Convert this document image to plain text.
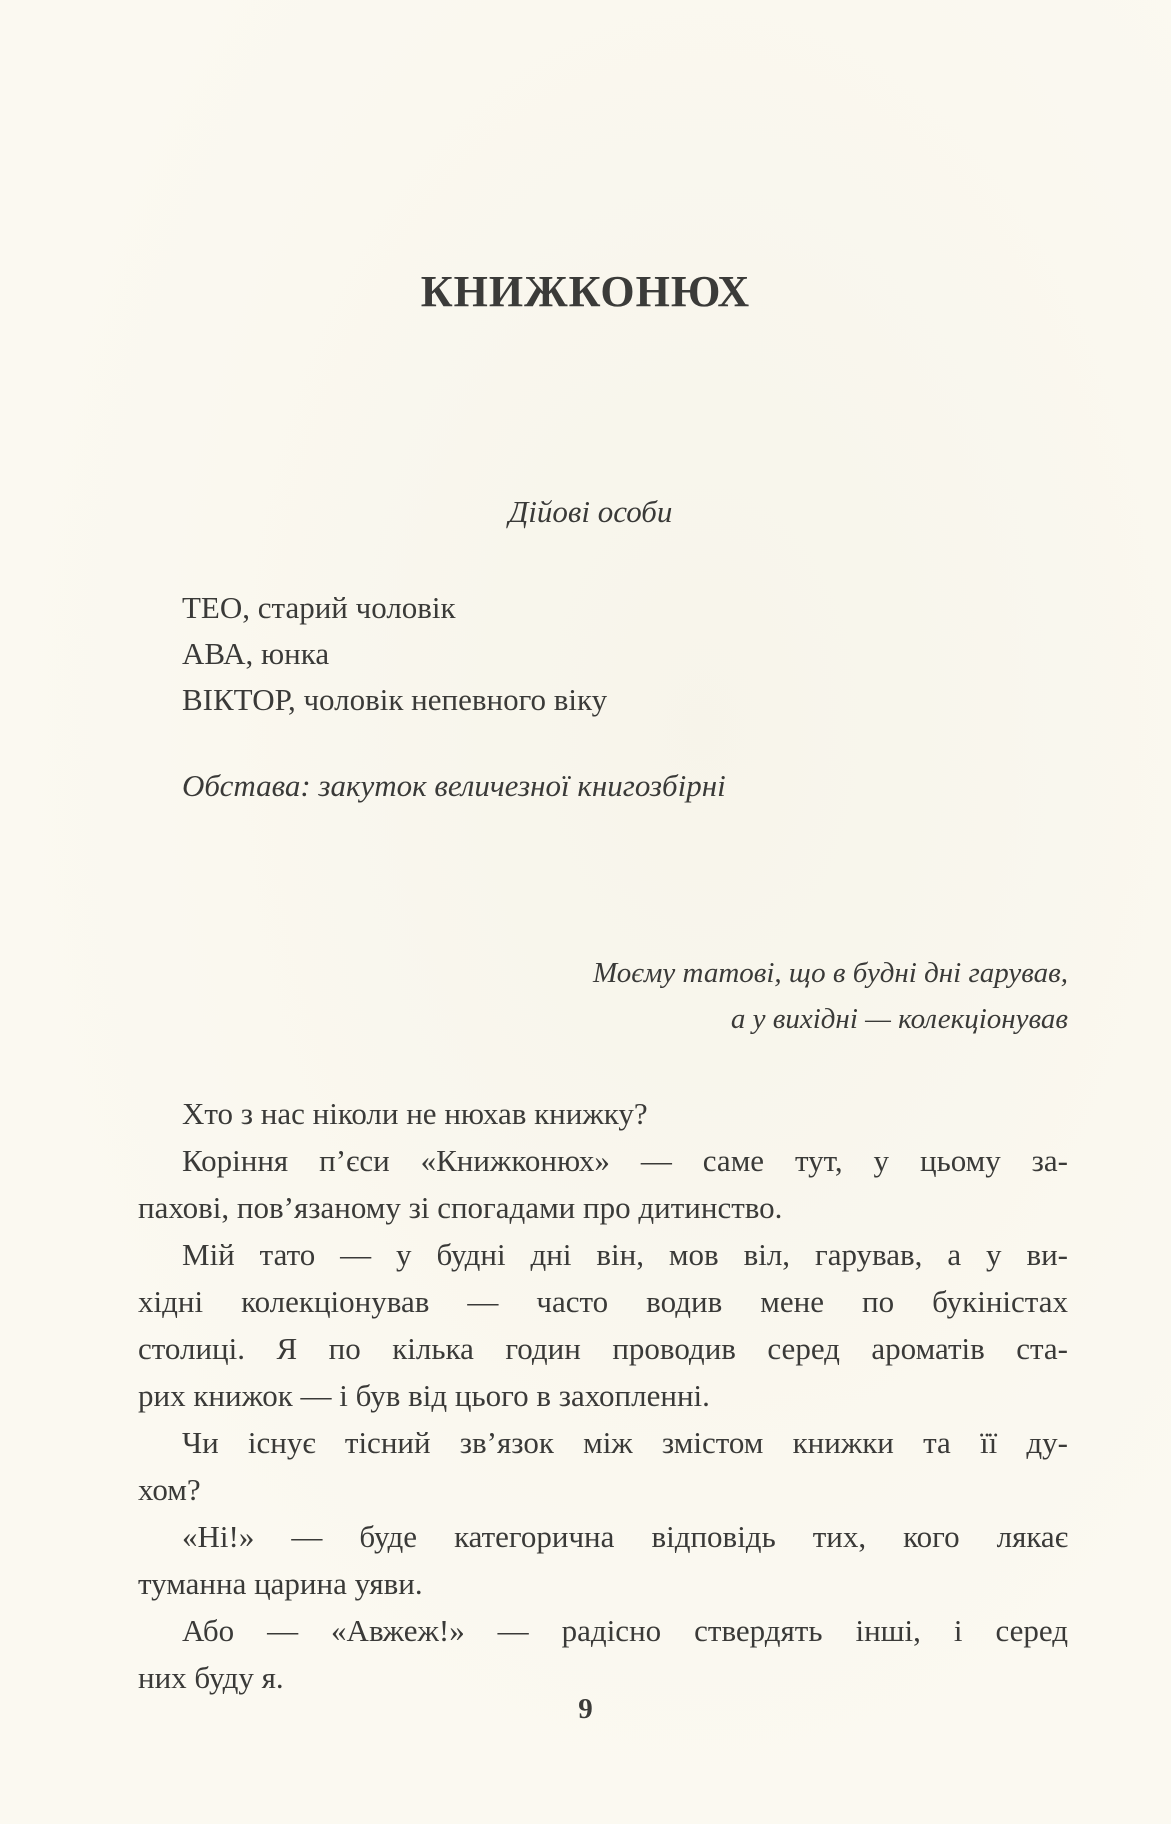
КНИЖКОНЮХ
Дійові особи
ТЕО, старий чоловік
АВА, юнка
ВІКТОР, чоловік непевного віку
Обстава: закуток величезної книгозбірні
Моєму татові, що в будні дні гарував,
а у вихідні — колекціонував
Хто з нас ніколи не нюхав книжку?
Коріння п’єси «Книжконюх» — саме тут, у цьому за-
пахові, пов’язаному зі спогадами про дитинство.
Мій тато — у будні дні він, мов віл, гарував, а у ви-
хідні колекціонував — часто водив мене по букіністах
столиці. Я по кілька годин проводив серед ароматів ста-
рих книжок — і був від цього в захопленні.
Чи існує тісний зв’язок між змістом книжки та її ду-
хом?
«Ні!» — буде категорична відповідь тих, кого лякає
туманна царина уяви.
Або — «Авжеж!» — радісно ствердять інші, і серед
них буду я.
9
